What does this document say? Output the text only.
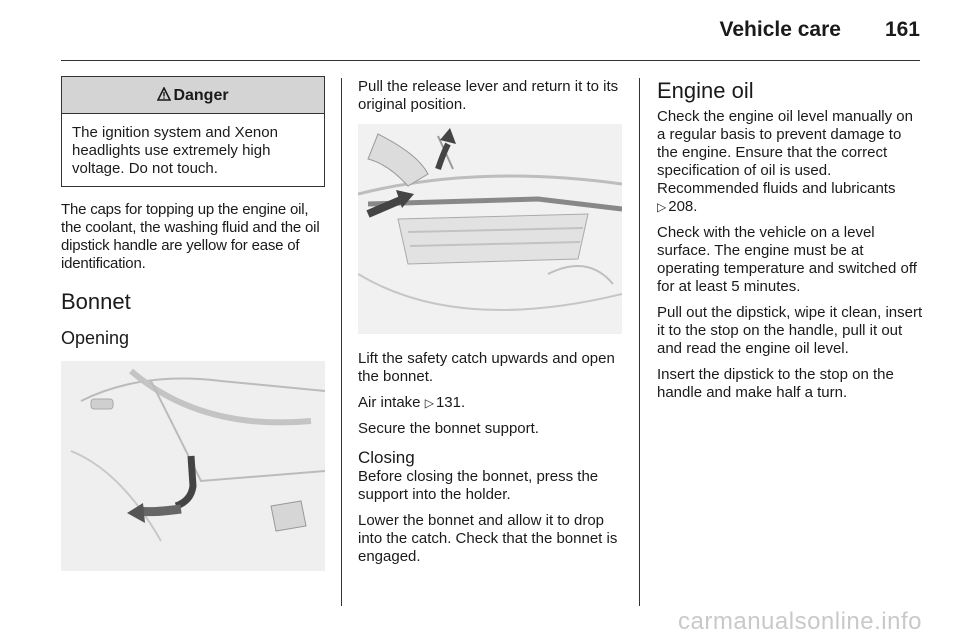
Vehicle care 161
Danger
The ignition system and Xenon headlights use extremely high voltage. Do not touch.

The caps for topping up the engine oil, the coolant, the washing fluid and the oil dipstick handle are yellow for ease of identification.

Bonnet
Opening

Pull the release lever and return it to its original position.

Lift the safety catch upwards and open the bonnet.

Air intake ▷ 131.

Secure the bonnet support.

Closing

Before closing the bonnet, press the support into the holder.

Lower the bonnet and allow it to drop into the catch. Check that the bonnet is engaged.

Engine oil

Check the engine oil level manually on a regular basis to prevent damage to the engine. Ensure that the correct specification of oil is used. Recommended fluids and lubricants
▷ 208.

Check with the vehicle on a level surface. The engine must be at operating temperature and switched off for at least 5 minutes.

Pull out the dipstick, wipe it clean, insert it to the stop on the handle, pull it out and read the engine oil level.

Insert the dipstick to the stop on the handle and make half a turn.

carmanualsonline.info
